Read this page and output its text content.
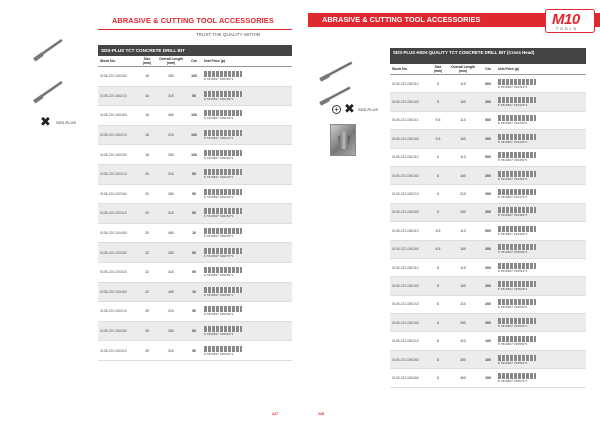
ABRASIVE & CUTTING TOOL ACCESSORIES
TRUST THE QUALITY WITHIN
✖ SDS-PLUS
SDS-PLUS TCT CONCRETE DRILL BIT
Stock No.	Size (mm)
Overall Length (mm)	Ctn	Unit Price (p)
0108-220-160260	16	260	100
8 7810847 336180*1
0108-220-180210	16	310	50
8 7810847 336190*1
0108-220-160460	16	460	100
8 7810847 336200*1
0108-220-180210	18	210	100
8 7810847 336210*1
0108-220-180260	18	260	100
8 7810847 336220*1
0108-220-200210	20	210	50
8 7810847 336230*1
0108-220-200260	20	260	50
8 7810847 336240*1
0108-220-200310	20	310	50
8 7810847 336250*1
0108-220-200460	20	460	10
8 7810847 336260*1
0108-220-220260	22	260	50
8 7810847 336270*1
0108-220-220310	22	310	50
8 7810847 336280*1
0108-220-220460	22	460	10
8 7810847 336290*1
0108-220-250210	25	210	50
8 7810847 336300*1
0108-220-250260	25	260	50
8 7810847 336310*1
0108-220-250310	25	310	50
8 7810847 336320*1
227
ABRASIVE & CUTTING TOOL ACCESSORIES	M10
TOOLS
+ ✖ SDS-PLUS
SDS-PLUS HIGH QUALITY TCT CONCRETE DRILL BIT (Cross Head)
Stock No.	Size (mm)
Overall Length (mm)	Ctn	Unit Price (p)
0108-222-050110	5	110	500
8 7810847 333410*1
0108-222-050160	5	160	200
8 7810847 333420*1
0108-222-055110	5.5	110	500
8 7810847 333430*1
0108-222-055160	5.5	160	200
8 7810847 333440*1
0108-222-060110	6	110	500
8 7810847 333450*1
0108-222-060160	6	160	200
8 7810847 333460*1
0108-222-060210	6	210	200
8 7810847 333470*1
0108-222-060260	6	260	200
8 7810847 333480*1
0108-222-065110	6.5	110	500
8 7810847 333490*1
0108-222-065160	6.5	160	200
8 7810847 333500*1
0108-222-080110	8	110	200
8 7810847 333510*1
0108-222-080160	8	160	200
8 7810847 333520*1
0108-222-080210	8	210	200
8 7810847 333530*1
0108-222-080260	8	260	200
8 7810847 333540*1
0108-222-080310	8	310	100
8 7810847 333550*1
0108-222-080350	8	350	100
8 7810847 333560*1
0108-222-080460	8	460	100
8 7810847 333570*1
228
